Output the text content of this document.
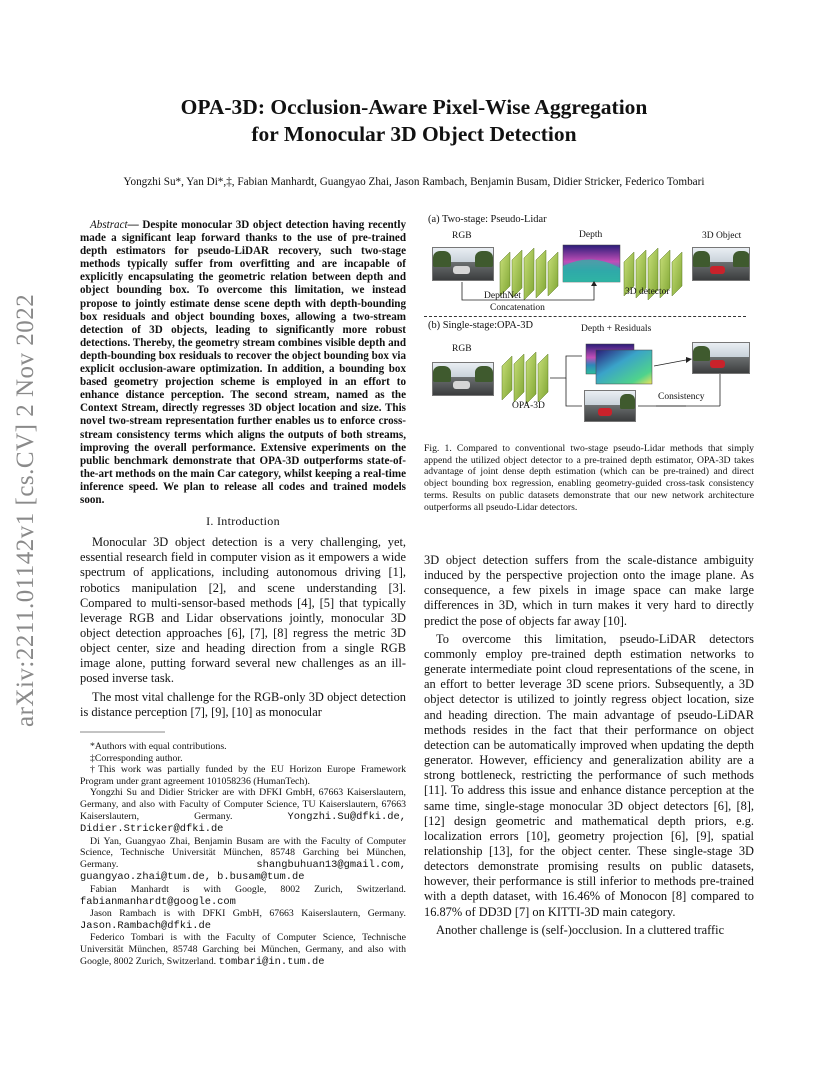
arXiv:2211.01142v1 [cs.CV] 2 Nov 2022
OPA-3D: Occlusion-Aware Pixel-Wise Aggregation
for Monocular 3D Object Detection
Yongzhi Su*, Yan Di*,‡, Fabian Manhardt, Guangyao Zhai, Jason Rambach, Benjamin Busam, Didier Stricker, Federico Tombari

Abstract— Despite monocular 3D object detection having recently made a significant leap forward thanks to the use of pre-trained depth estimators for pseudo-LiDAR recovery, such two-stage methods typically suffer from overfitting and are incapable of explicitly encapsulating the geometric relation between depth and object bounding box. To overcome this limitation, we instead propose to jointly estimate dense scene depth with depth-bounding box residuals and object bounding boxes, allowing a two-stream detection of 3D objects, leading to significantly more robust detections. Thereby, the geometry stream combines visible depth and depth-bounding box residuals to recover the object bounding box via explicit occlusion-aware optimization. In addition, a bounding box based geometry projection scheme is employed in an effort to enhance distance perception. The second stream, named as the Context Stream, directly regresses 3D object location and size. This novel two-stream representation further enables us to enforce cross-stream consistency terms which aligns the outputs of both streams, improving the overall performance. Extensive experiments on the public benchmark demonstrate that OPA-3D outperforms state-of-the-art methods on the main Car category, whilst keeping a real-time inference speed. We plan to release all codes and trained models soon.

I. Introduction

Monocular 3D object detection is a very challenging, yet, essential research field in computer vision as it empowers a wide spectrum of applications, including autonomous driving [1], robotics manipulation [2], and scene understanding [3]. Compared to multi-sensor-based methods [4], [5] that typically leverage RGB and Lidar observations jointly, monocular 3D object detection approaches [6], [7], [8] regress the metric 3D object center, size and heading direction from a single RGB image alone, putting forward several new challenges as an ill-posed inverse task.

The most vital challenge for the RGB-only 3D object detection is distance perception [7], [9], [10] as monocular

*Authors with equal contributions.

‡Corresponding author.

†This work was partially funded by the EU Horizon Europe Framework Program under grant agreement 101058236 (HumanTech).

Yongzhi Su and Didier Stricker are with DFKI GmbH, 67663 Kaiserslautern, Germany, and also with Faculty of Computer Science, TU Kaiserslautern, 67663 Kaiserslautern, Germany.	Yongzhi.Su@dfki.de, Didier.Stricker@dfki.de

Di Yan, Guangyao Zhai, Benjamin Busam are with the Faculty of Computer Science, Technische Universität München, 85748 Garching bei München, Germany.	shangbuhuan13@gmail.com, guangyao.zhai@tum.de, b.busam@tum.de

Fabian Manhardt is with Google, 8002 Zurich, Switzerland. fabianmanhardt@google.com

Jason Rambach is with DFKI GmbH, 67663 Kaiserslautern, Germany. Jason.Rambach@dfki.de

Federico Tombari is with the Faculty of Computer Science, Technische Universität München, 85748 Garching bei München, Germany, and also with Google, 8002 Zurich, Switzerland. tombari@in.tum.de

(a) Two-stage: Pseudo-Lidar
RGB	Depth	3D Object
DepthNet
Concatenation
3D detector
(b) Single-stage:OPA-3D	Depth + Residuals
RGB
OPA-3D
Consistency

Fig. 1. Compared to conventional two-stage pseudo-Lidar methods that simply append the utilized object detector to a pre-trained depth estimator, OPA-3D takes advantage of joint dense depth estimation (which can be pre-trained) and direct object bounding box regression, enabling geometry-guided cross-task consistency terms. Results on public datasets demonstrate that our new network architecture outperforms all pseudo-Lidar detectors.

3D object detection suffers from the scale-distance ambiguity induced by the perspective projection onto the image plane. As consequence, a few pixels in image space can make large differences in 3D, which in turn makes it very hard to directly predict the pose of objects far away [10].

To overcome this limitation, pseudo-LiDAR detectors commonly employ pre-trained depth estimation networks to generate intermediate point cloud representations of the scene, in an effort to better leverage 3D scene priors. Subsequently, a 3D object detector is utilized to jointly regress object location, size and heading direction. The main advantage of pseudo-LiDAR methods resides in the fact that their performance on object detection can be automatically improved when updating the depth generator. However, efficiency and generalization ability are a strong bottleneck, restricting the performance of such methods [11]. To address this issue and enhance distance perception at the same time, single-stage monocular 3D object detectors [6], [8], [12] design geometric and mathematical depth priors, e.g. localization errors [10], geometry projection [6], [9], spatial relationship [13], for the object center. These single-stage 3D detectors demonstrate promising results on public datasets, however, their performance is still inferior to methods pre-trained with a depth dataset, with 16.46% of Monocon [8] compared to 16.87% of DD3D [7] on KITTI-3D main category.

Another challenge is (self-)occlusion. In a cluttered traffic
